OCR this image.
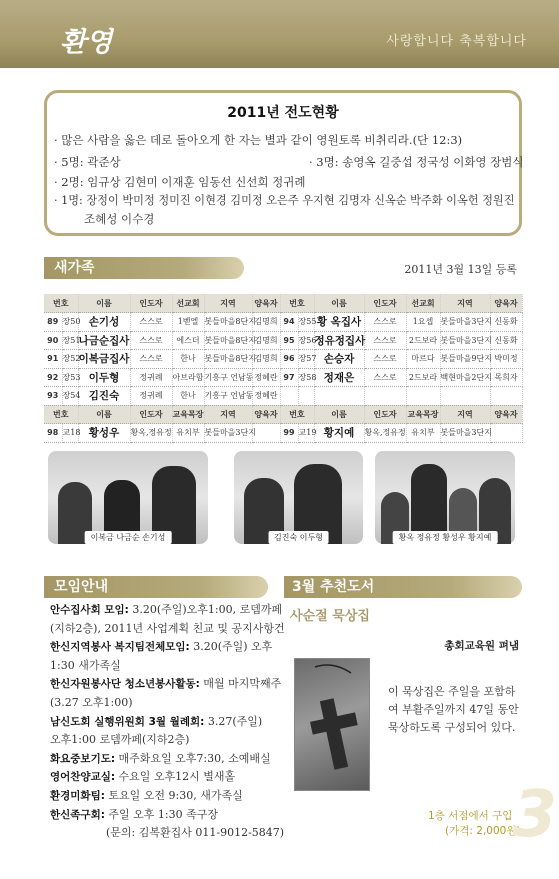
환영	사랑합니다 축복합니다
2011년 전도현황
· 많은 사람을 옳은 데로 돌아오게 한 자는 별과 같이 영원토록 비취리라.(단 12:3)
· 5명: 곽준상	· 3명: 송영옥 길중섭 정국성 이화영 장범식
· 2명: 임규상 김현미 이재훈 임동선 신선희 정귀례
· 1명: 장정이 박미정 정미진 이현경 김미정 오은주 우지현 김명자 신옥순 박주화 이옥헌 정원진
조혜성 이수경
새가족	2011년 3월 13일 등록
번호		이름	인도자	선교회	지역	양육자	번호		이름	인도자	선교회	지역	양육자
89	장50	손기성	스스로	1벧엘	봇들마을8단지	김명희	94	장55	황 옥집사	스스로	1요셉	봇들마을3단지	신동화
90	장51	나금순집사	스스로	에스더	봇들마을8단지	김명희	95	장56	정유정집사	스스로	2드보라	봇들마을3단지	신동화
91	장52	이복금집사	스스로	한나	봇들마을8단지	김명희	96	장57	손승자	스스로	마르다	봇들마을9단지	박미정
92	장53	이두형	정귀례	아브라함	기흥구 언남동	정혜란	97	장58	정재은	스스로	2드보라	백현마을2단지	목희자
93	장54	김진숙	정귀례	한나	기흥구 언남동	정혜란							
번호		이름	인도자	교육목장	지역	양육자	번호		이름	인도자	교육목장	지역	양육자
98	교18	황성우	황옥,정유정	유치부	봇들마을3단지		99	교19	황지예	황옥,정유정	유치부	봇들마을3단지	
이복금 나금순 손기성	김진숙 이두형	황옥 정유정 황성우 황지예
모임안내
안수집사회 모임: 3.20(주일)오후1:00, 로뎀까페
(지하2층), 2011년 사업계획 친교 및 공지사항건
한신지역봉사 복지팀전체모임: 3.20(주일) 오후
1:30 새가족실
한신자원봉사단 청소년봉사활동: 매월 마지막째주
(3.27 오후1:00)
남신도회 실행위원회 3월 월례회: 3.27(주일)
오후1:00 로뎀까페(지하2층)
화요중보기도: 매주화요일 오후7:30, 소예배실
영어찬양교실: 수요일 오후12시 별새홀
환경미화팀: 토요일 오전 9:30, 새가족실
한신족구회: 주일 오후 1:30 족구장
(문의: 김복환집사 011-9012-5847)
3월 추천도서
사순절 묵상집
총회교육원 펴냄
이 묵상집은 주일을 포함하
여 부활주일까지 47일 동안
묵상하도록 구성되어 있다.
1층 서점에서 구입
(가격: 2,000원)
3
